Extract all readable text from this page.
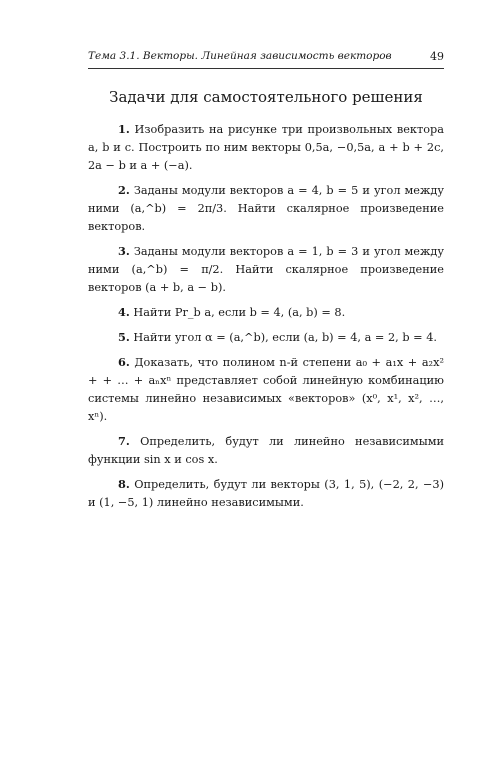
Тема 3.1. Векторы. Линейная зависимость векторов	49
Задачи для самостоятельного решения

1. Изобразить на рисунке три произвольных вектора a, b и c. Построить по ним векторы 0,5a, −0,5a, a + b + 2c, 2a − b и a + (−a).

2. Заданы модули векторов a = 4, b = 5 и угол между ними (a,^b) = 2π/3. Найти скалярное произведение векторов.

3. Заданы модули векторов a = 1, b = 3 и угол между ними (a,^b) = π/2. Найти скалярное произведение векторов (a + b, a − b).

4. Найти Pr_b a, если b = 4, (a, b) = 8.

5. Найти угол α = (a,^b), если (a, b) = 4, a = 2, b = 4.

6. Доказать, что полином n-й степени a₀ + a₁x + a₂x² + + … + aₙxⁿ представляет собой линейную комбинацию системы линейно независимых «векторов» (x⁰, x¹, x², …, xⁿ).

7. Определить, будут ли линейно независимыми функции sin x и cos x.

8. Определить, будут ли векторы (3, 1, 5), (−2, 2, −3) и (1, −5, 1) линейно независимыми.
